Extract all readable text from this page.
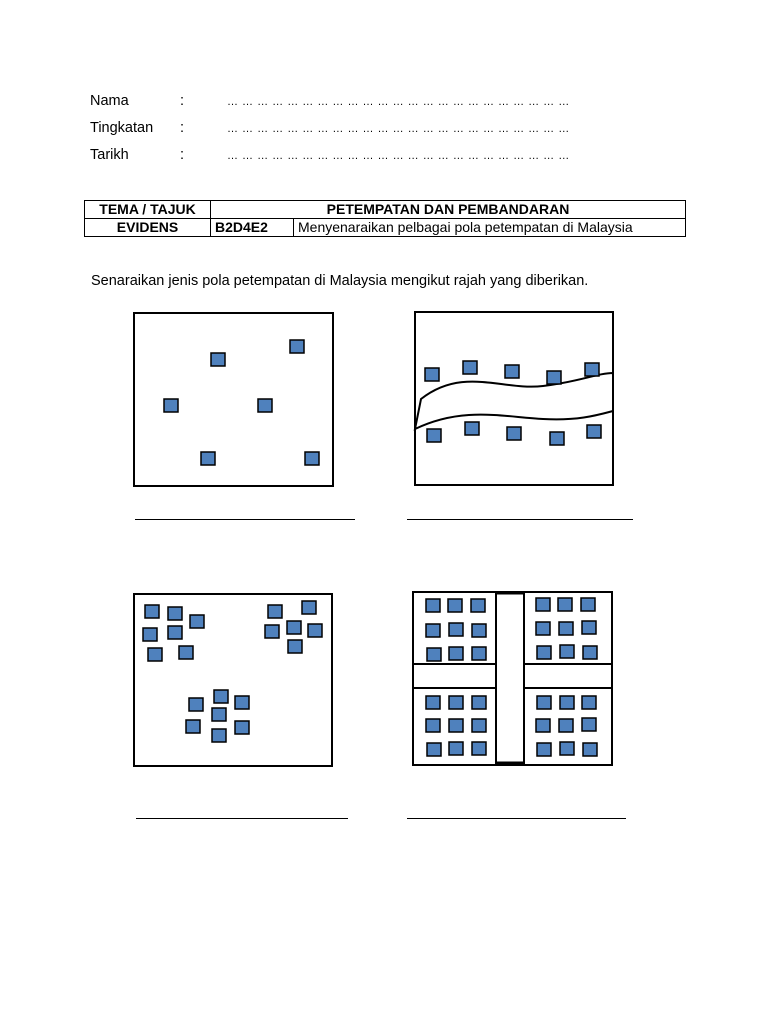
Nama	:	… … … … … … … … … … … … … … … … … … … … … … …
Tingkatan :	… … … … … … … … … … … … … … … … … … … … … … …
Tarikh	:	… … … … … … … … … … … … … … … … … … … … … … …
TEMA / TAJUK	PETEMPATAN DAN PEMBANDARAN	
EVIDENS	B2D4E2	Menyenaraikan pelbagai pola petempatan di Malaysia
Senaraikan jenis pola petempatan di Malaysia mengikut rajah yang diberikan.
